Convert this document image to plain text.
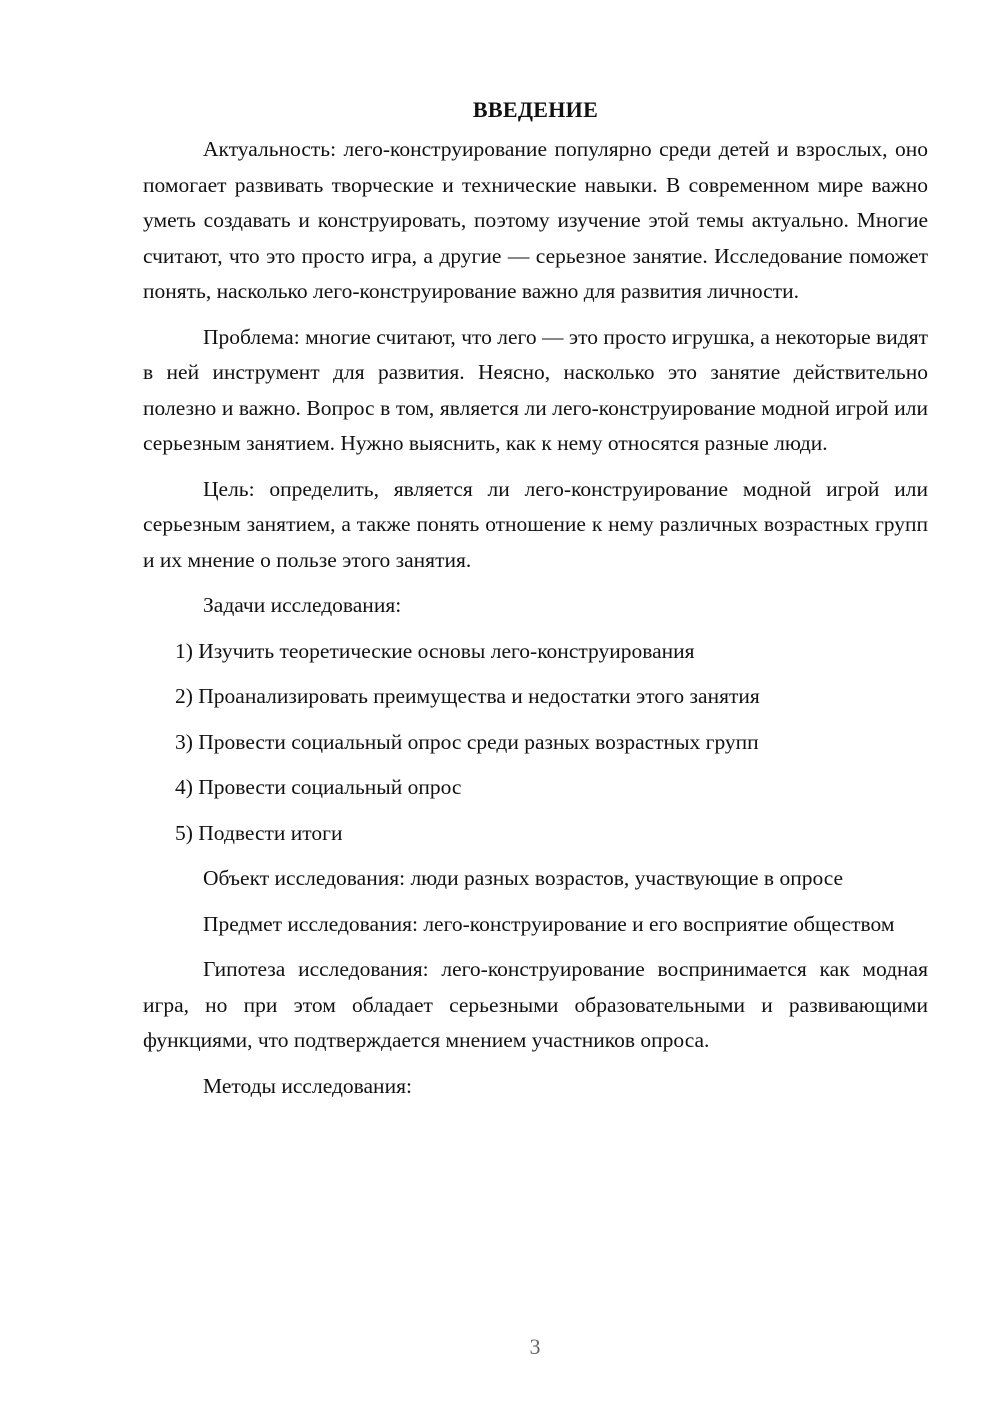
ВВЕДЕНИЕ

Актуальность: лего-конструирование популярно среди детей и взрослых, оно помогает развивать творческие и технические навыки. В современном мире важно уметь создавать и конструировать, поэтому изучение этой темы актуально. Многие считают, что это просто игра, а другие — серьезное занятие. Исследование поможет понять, насколько лего-конструирование важно для развития личности.

Проблема: многие считают, что лего — это просто игрушка, а некоторые видят в ней инструмент для развития. Неясно, насколько это занятие действительно полезно и важно. Вопрос в том, является ли лего-конструирование модной игрой или серьезным занятием. Нужно выяснить, как к нему относятся разные люди.

Цель: определить, является ли лего-конструирование модной игрой или серьезным занятием, а также понять отношение к нему различных возрастных групп и их мнение о пользе этого занятия.

Задачи исследования:

1) Изучить теоретические основы лего-конструирования
2) Проанализировать преимущества и недостатки этого занятия
3) Провести социальный опрос среди разных возрастных групп
4) Провести социальный опрос
5) Подвести итоги

Объект исследования: люди разных возрастов, участвующие в опросе

Предмет исследования: лего-конструирование и его восприятие обществом

Гипотеза исследования: лего-конструирование воспринимается как модная игра, но при этом обладает серьезными образовательными и развивающими функциями, что подтверждается мнением участников опроса.

Методы исследования:

3
